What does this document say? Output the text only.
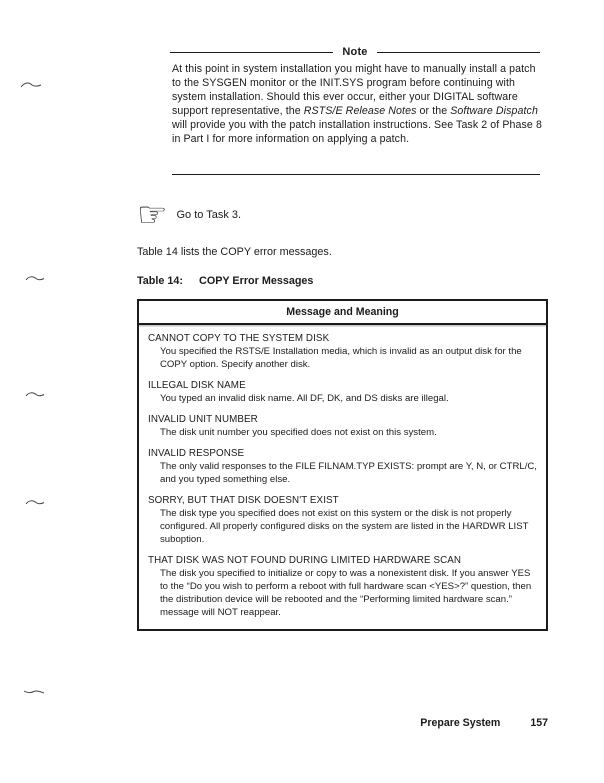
Note

At this point in system installation you might have to manually install a patch to the SYSGEN monitor or the INIT.SYS program before continuing with system installation. Should this ever occur, either your DIGITAL software support representative, the RSTS/E Release Notes or the Software Dispatch will provide you with the patch installation instructions. See Task 2 of Phase 8 in Part I for more information on applying a patch.

☞ Go to Task 3.

Table 14 lists the COPY error messages.

Table 14: COPY Error Messages

Message and Meaning
CANNOT COPY TO THE SYSTEM DISK
You specified the RSTS/E Installation media, which is invalid as an output disk for the COPY option. Specify another disk.
ILLEGAL DISK NAME
You typed an invalid disk name. All DF, DK, and DS disks are illegal.
INVALID UNIT NUMBER
The disk unit number you specified does not exist on this system.
INVALID RESPONSE
The only valid responses to the FILE FILNAM.TYP EXISTS: prompt are Y, N, or CTRL/C, and you typed something else.
SORRY, BUT THAT DISK DOESN'T EXIST
The disk type you specified does not exist on this system or the disk is not properly configured. All properly configured disks on the system are listed in the HARDWR LIST suboption.
THAT DISK WAS NOT FOUND DURING LIMITED HARDWARE SCAN
The disk you specified to initialize or copy to was a nonexistent disk. If you answer YES to the “Do you wish to perform a reboot with full hardware scan <YES>?” question, then the distribution device will be rebooted and the “Performing limited hardware scan.” message will NOT reappear.
Prepare System	157
